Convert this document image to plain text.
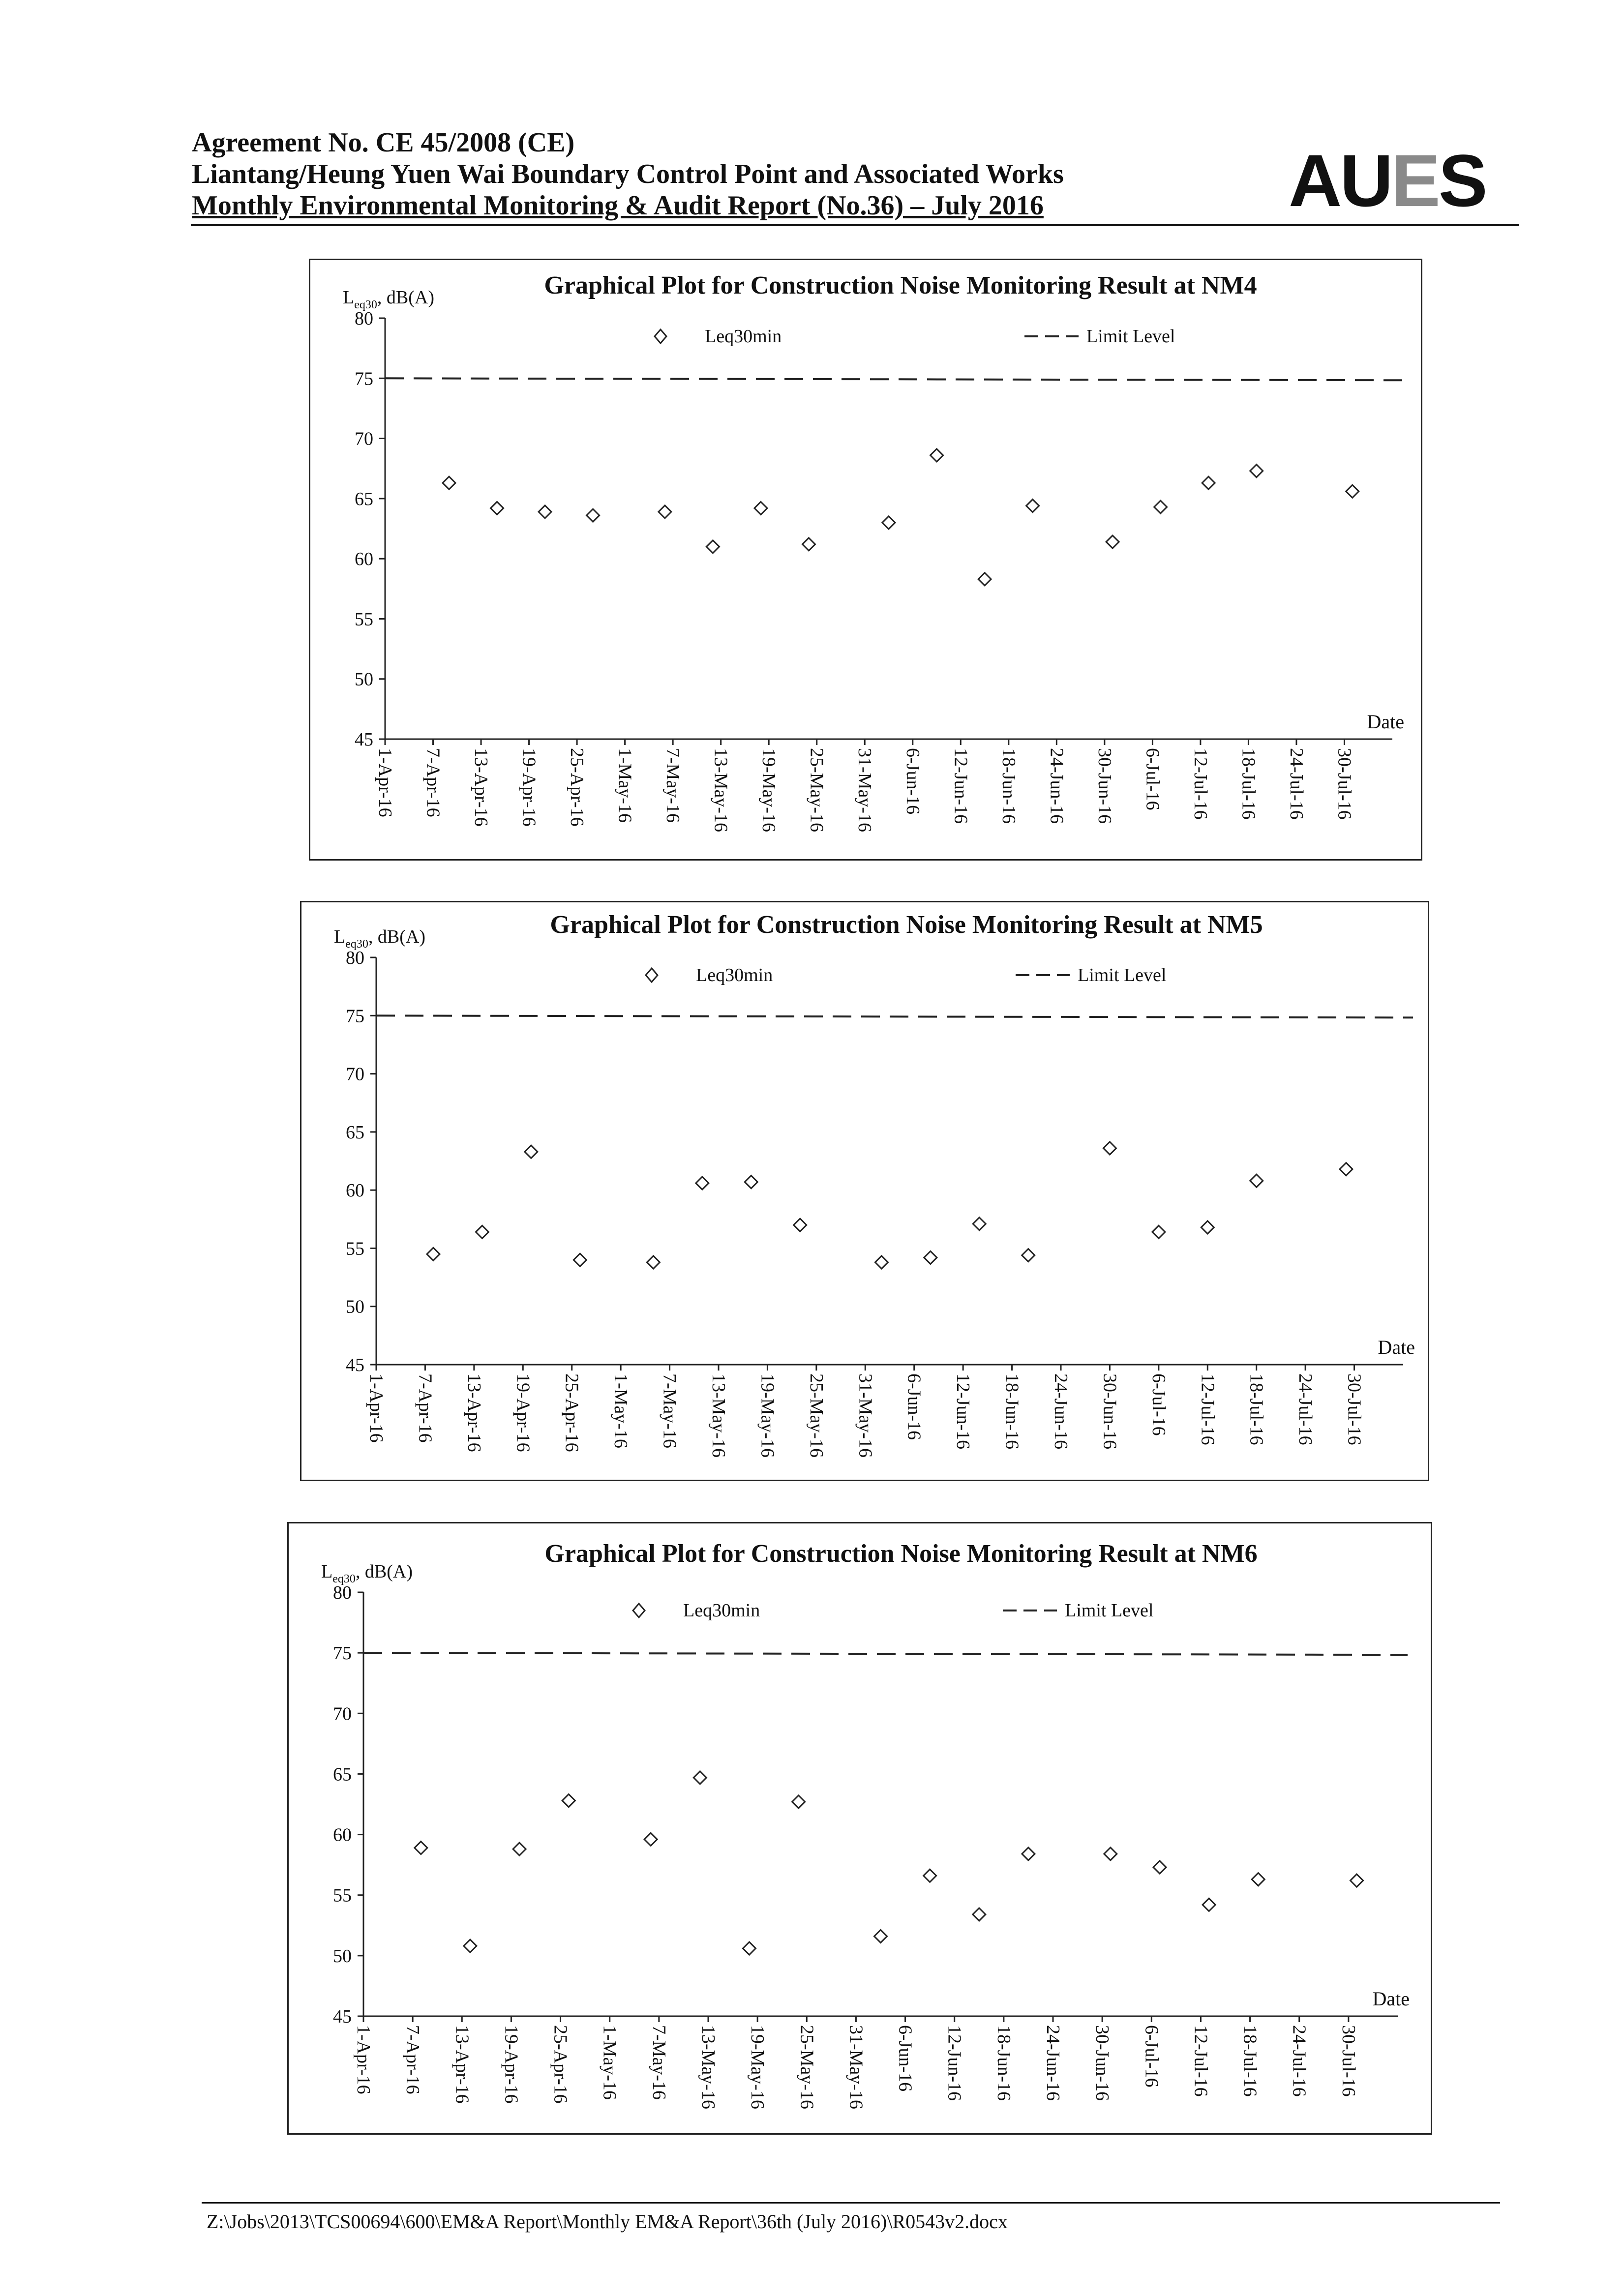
Agreement No. CE 45/2008 (CE)
Liantang/Heung Yuen Wai Boundary Control Point and Associated Works
Monthly Environmental Monitoring & Audit Report (No.36) – July 2016	AUES
Graphical Plot for Construction Noise Monitoring Result at NM4
$L_{eq30}$, dB(A)
45
50
55
60
65
70
75
80
1-Apr-16 7-Apr-16 13-Apr-16 19-Apr-16 25-Apr-16 1-May-16 7-May-16 13-May-16 19-May-16 25-May-16 31-May-16 6-Jun-16 12-Jun-16 18-Jun-16 24-Jun-16 30-Jun-16 6-Jul-16 12-Jul-16 18-Jul-16 24-Jul-16 30-Jul-16
Date
Leq30min	Limit Level
Graphical Plot for Construction Noise Monitoring Result at NM5
$L_{eq30}$, dB(A)
45
50
55
60
65
70
75
80
1-Apr-16 7-Apr-16 13-Apr-16 19-Apr-16 25-Apr-16 1-May-16 7-May-16 13-May-16 19-May-16 25-May-16 31-May-16 6-Jun-16 12-Jun-16 18-Jun-16 24-Jun-16 30-Jun-16 6-Jul-16 12-Jul-16 18-Jul-16 24-Jul-16 30-Jul-16
Date
Leq30min	Limit Level
Graphical Plot for Construction Noise Monitoring Result at NM6
$L_{eq30}$, dB(A)
45
50
55
60
65
70
75
80
1-Apr-16 7-Apr-16 13-Apr-16 19-Apr-16 25-Apr-16 1-May-16 7-May-16 13-May-16 19-May-16 25-May-16 31-May-16 6-Jun-16 12-Jun-16 18-Jun-16 24-Jun-16 30-Jun-16 6-Jul-16 12-Jul-16 18-Jul-16 24-Jul-16 30-Jul-16
Date
Leq30min	Limit Level
Z:\Jobs\2013\TCS00694\600\EM&A Report\Monthly EM&A Report\36th (July 2016)\R0543v2.docx
